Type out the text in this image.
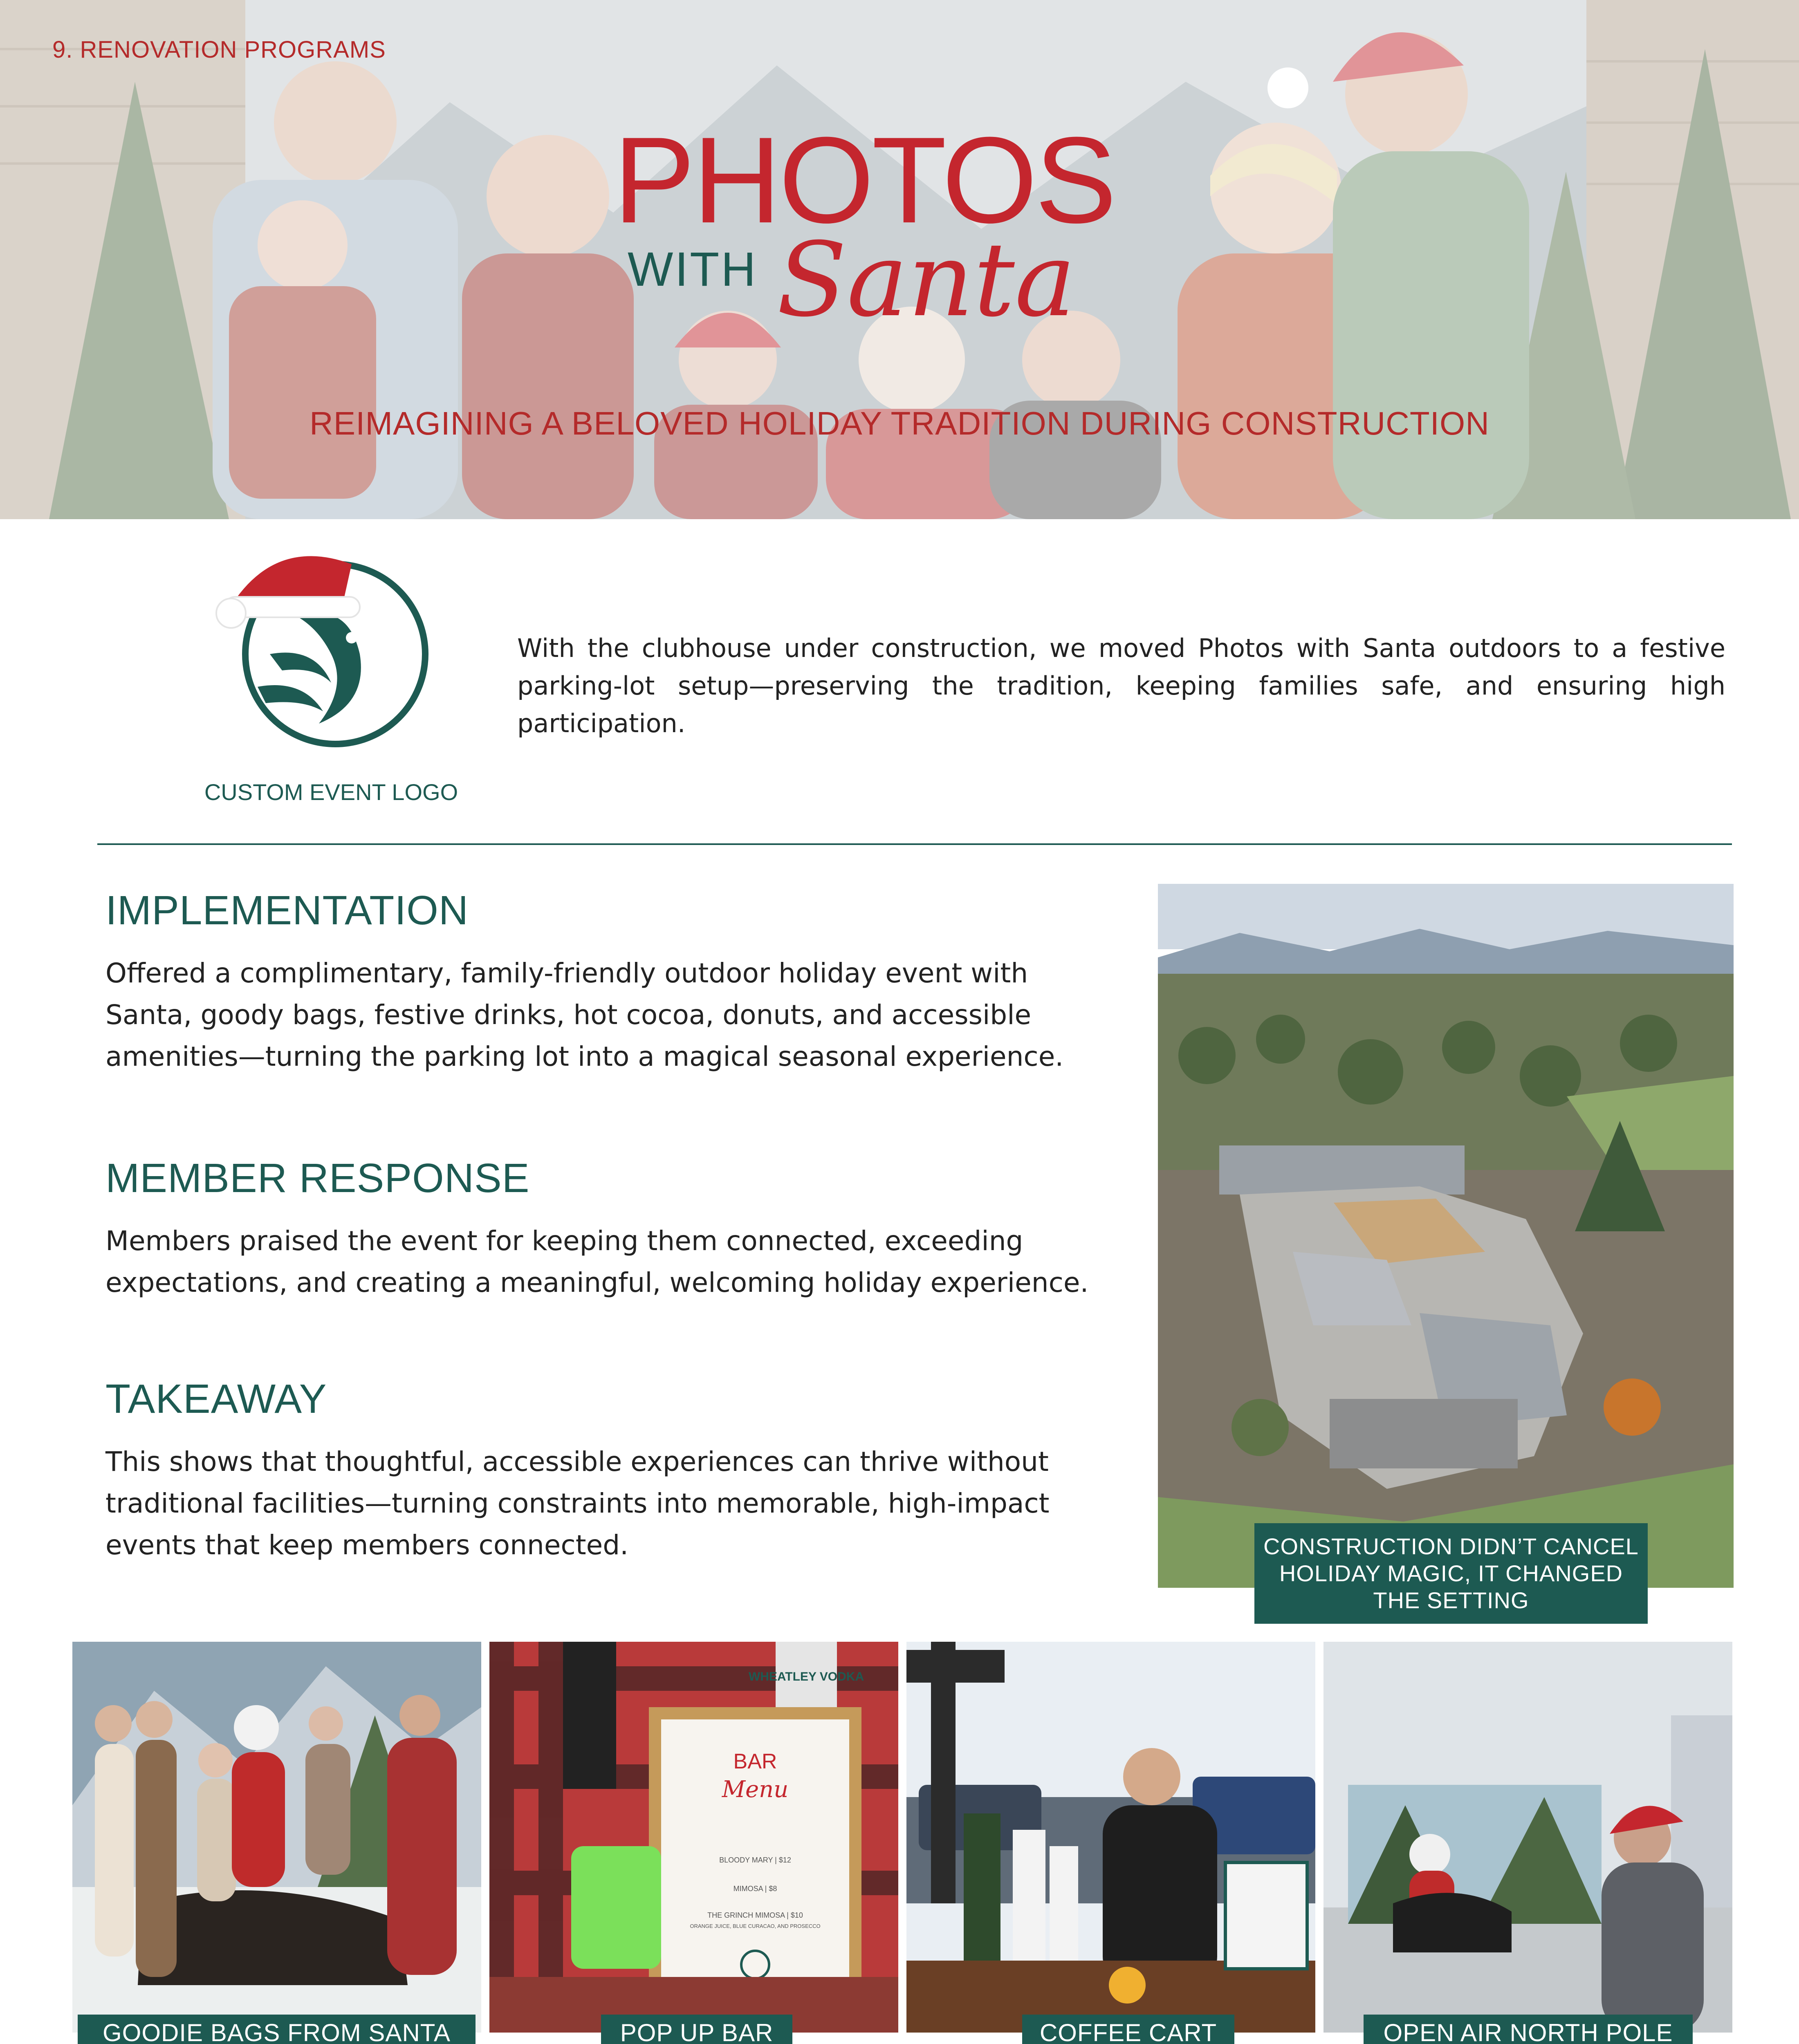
9. RENOVATION PROGRAMS
PHOTOS
WITH Santa
REIMAGINING A BELOVED HOLIDAY TRADITION DURING CONSTRUCTION
CUSTOM EVENT LOGO
With the clubhouse under construction, we moved Photos with Santa outdoors to a festive parking-lot setup—preserving the tradition, keeping families safe, and ensuring high participation.
IMPLEMENTATION
Offered a complimentary, family-friendly outdoor holiday event with Santa, goody bags, festive drinks, hot cocoa, donuts, and accessible amenities—turning the parking lot into a magical seasonal experience.
MEMBER RESPONSE
Members praised the event for keeping them connected, exceeding expectations, and creating a meaningful, welcoming holiday experience.
TAKEAWAY
This shows that thoughtful, accessible experiences can thrive without traditional facilities—turning constraints into memorable, high-impact events that keep members connected.	CONSTRUCTION DIDN’T CANCEL HOLIDAY MAGIC, IT CHANGED THE SETTING
WHEATLEY VODKA
BAR
Menu
BLOODY MARY | $12
MIMOSA | $8
THE GRINCH MIMOSA | $10
ORANGE JUICE, BLUE CURACAO, AND PROSECCO
GOODIE BAGS FROM SANTA	POP UP BAR	COFFEE CART	OPEN AIR NORTH POLE
